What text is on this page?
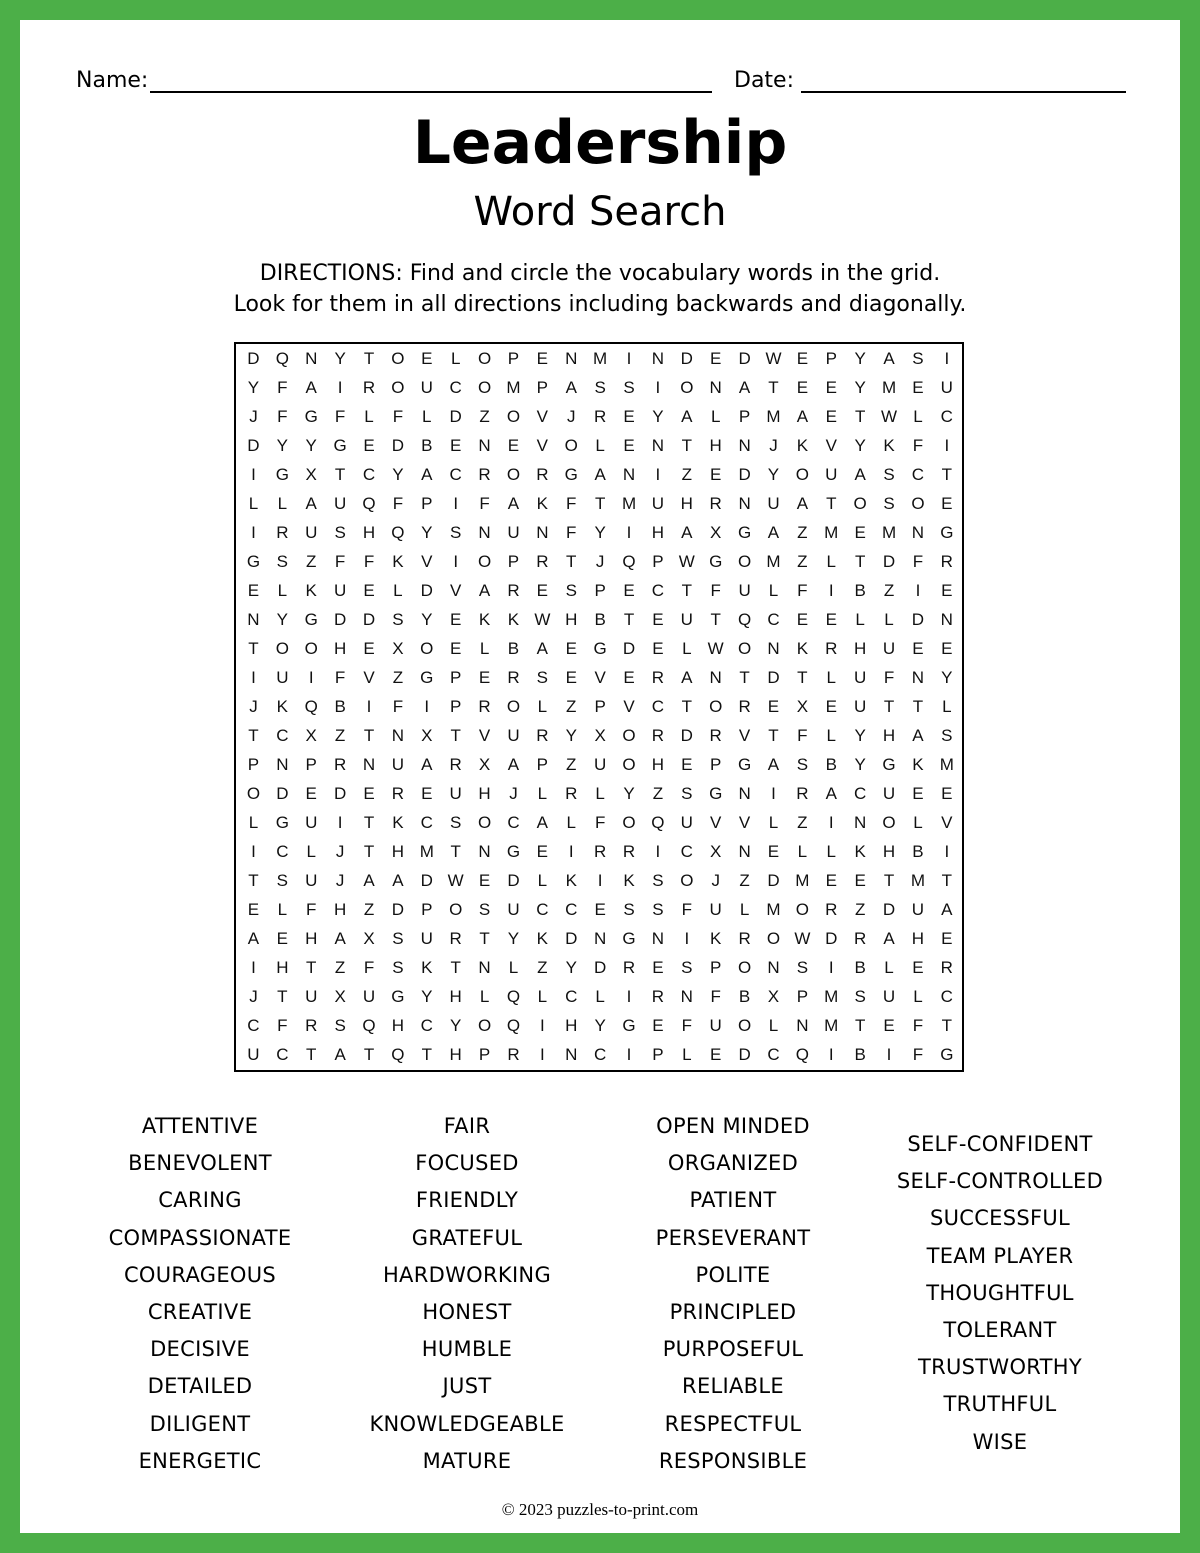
Name:	Date:
Leadership
Word Search
DIRECTIONS: Find and circle the vocabulary words in the grid.
Look for them in all directions including backwards and diagonally.
D Q N	Y	T	O E	L	O P	E	N M	I	N D	E	D W E	P	Y	A	S	I
Y	F	A	I	R O U C O M P	A	S	S	I	O N	A	T	E	E	Y M E	U
J	F	G	F	L	F	L	D	Z	O V	J	R	E	Y	A	L	P M A	E	T W L	C
D	Y	Y G E	D	B	E	N	E	V O	L	E	N	T	H N	J	K	V	Y	K	F	I
I	G X	T	C	Y	A	C R O R G A	N	I	Z	E	D	Y O U	A	S	C	T
L	L	A	U Q	F	P	I	F	A	K	F	T M U H R N U	A	T	O S O E
I	R U	S	H Q Y	S	N U N	F	Y	I	H	A	X G A	Z M E M N G
G S	Z	F	F	K	V	I	O P	R	T	J	Q P W G O M Z	L	T	D	F	R
E	L	K	U	E	L	D	V	A	R	E	S	P	E	C	T	F	U	L	F	I	B	Z	I	E
N	Y G D D	S	Y	E	K	K W H	B	T	E	U	T	Q C	E	E	L	L	D N
T	O O H	E	X O E	L	B	A	E G D	E	L W O N	K	R H U	E	E
I	U	I	F	V	Z	G P	E	R	S	E	V	E	R	A	N	T	D	T	L	U	F	N	Y
J	K Q B	I	F	I	P	R O	L	Z	P	V	C	T	O R	E	X	E	U	T	T	L
T	C	X	Z	T	N	X	T	V	U R	Y	X O R D R	V	T	F	L	Y	H	A	S
P	N	P	R N U	A	R	X	A	P	Z	U O H	E	P G A	S	B	Y G K M
O D	E	D	E	R	E	U H	J	L	R	L	Y	Z	S G N	I	R	A	C U	E	E
L	G U	I	T	K	C	S O C	A	L	F	O Q U	V	V	L	Z	I	N O	L	V
I	C	L	J	T	H M T	N G E	I	R R	I	C	X	N	E	L	L	K	H	B	I
T	S	U	J	A	A	D W E	D	L	K	I	K	S O	J	Z	D M E	E	T M T
E	L	F	H	Z	D	P O S	U C C	E	S	S	F	U	L	M O R	Z	D U	A
A	E	H	A	X	S	U R	T	Y	K	D N G N	I	K	R O W D R	A	H	E
I	H	T	Z	F	S	K	T	N	L	Z	Y	D R	E	S	P O N	S	I	B	L	E	R
J	T	U	X	U G Y	H	L	Q	L	C	L	I	R N	F	B	X	P M S	U	L	C
C	F	R	S Q H C	Y O Q	I	H	Y G E	F	U O	L	N M T	E	F	T
U C	T	A	T	Q	T	H	P	R	I	N C	I	P	L	E	D C Q	I	B	I	F	G
ATTENTIVE
BENEVOLENT
CARING
COMPASSIONATE
COURAGEOUS
CREATIVE
DECISIVE
DETAILED
DILIGENT
ENERGETIC
FAIR
FOCUSED
FRIENDLY
GRATEFUL
HARDWORKING
HONEST
HUMBLE
JUST
KNOWLEDGEABLE
MATURE
OPEN MINDED
ORGANIZED
PATIENT
PERSEVERANT
POLITE
PRINCIPLED
PURPOSEFUL
RELIABLE
RESPECTFUL
RESPONSIBLE
SELF-CONFIDENT
SELF-CONTROLLED
SUCCESSFUL
TEAM PLAYER
THOUGHTFUL
TOLERANT
TRUSTWORTHY
TRUTHFUL
WISE
© 2023 puzzles-to-print.com
